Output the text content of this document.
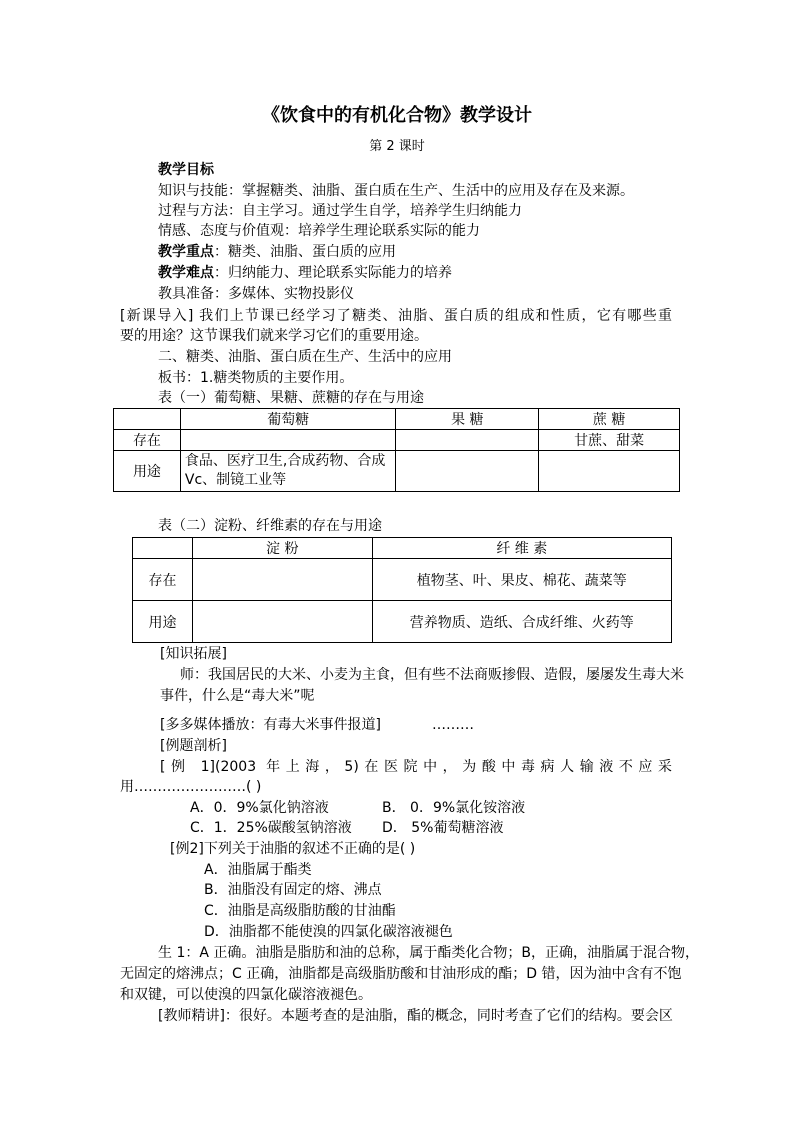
《饮食中的有机化合物》教学设计
第 2 课时
教学目标
知识与技能：掌握糖类、油脂、蛋白质在生产、生活中的应用及存在及来源。
过程与方法：自主学习。通过学生自学，培养学生归纳能力
情感、态度与价值观：培养学生理论联系实际的能力
教学重点：糖类、油脂、蛋白质的应用
教学难点：归纳能力、理论联系实际能力的培养
教具准备：多媒体、实物投影仪
[新课导入] 我们上节课已经学习了糖类、油脂、蛋白质的组成和性质，它有哪些重
要的用途？这节课我们就来学习它们的重要用途。
二、糖类、油脂、蛋白质在生产、生活中的应用
板书：1.糖类物质的主要作用。
表（一）葡萄糖、果糖、蔗糖的存在与用途
	葡萄糖	果 糖	蔗 糖
存在			甘蔗、甜菜
用途	食品、医疗卫生,合成药物、合成
Vc、制镜工业等		

表（二）淀粉、纤维素的存在与用途
	淀 粉	纤 维 素
存在		植物茎、叶、果皮、棉花、蔬菜等
用途		营养物质、造纸、合成纤维、火药等
[知识拓展]
师：我国居民的大米、小麦为主食，但有些不法商贩掺假、造假，屡屡发生毒大米
事件，什么是“毒大米”呢
[多多媒体播放：有毒大米事件报道]	………
[例题剖析]
[例 1](2003 年上海，5)在医院中，为酸中毒病人输液不应采
用……………………( )
A．0．9%氯化钠溶液	B． 0．9%氯化铵溶液
C．1．25%碳酸氢钠溶液 D． 5%葡萄糖溶液
[例2]下列关于油脂的叙述不正确的是( )
A．油脂属于酯类
B．油脂没有固定的熔、沸点
C．油脂是高级脂肪酸的甘油酯
D．油脂都不能使溴的四氯化碳溶液褪色
生 1：A 正确。油脂是脂肪和油的总称，属于酯类化合物；B，正确，油脂属于混合物，
无固定的熔沸点；C 正确，油脂都是高级脂肪酸和甘油形成的酯；D 错，因为油中含有不饱
和双键，可以使溴的四氯化碳溶液褪色。
[教师精讲]：很好。本题考查的是油脂，酯的概念，同时考查了它们的结构。要会区
